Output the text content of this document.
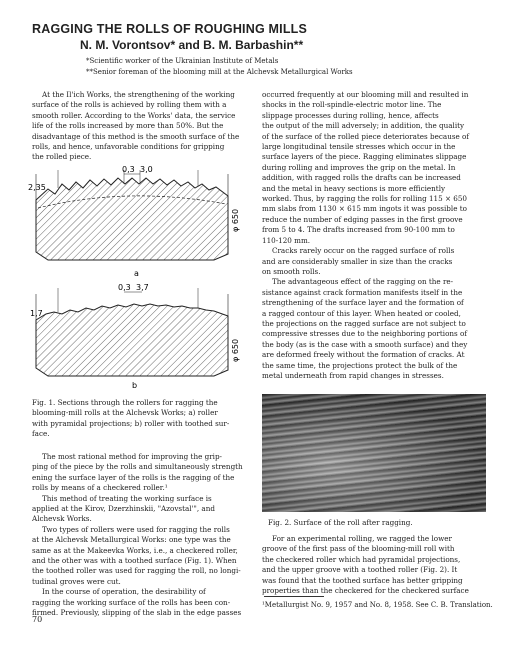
RAGGING THE ROLLS OF ROUGHING MILLS
N. M. Vorontsov* and B. M. Barbashin**
*Scientific worker of the Ukrainian Institute of Metals
**Senior foreman of the blooming mill at the Alchevsk Metallurgical Works
At the Il'ich Works, the strengthening of the working
surface of the rolls is achieved by rolling them with a
smooth roller. According to the Works' data, the service
life of the rolls increased by more than 50%. But the
disadvantage of this method is the smooth surface of the
rolls, and hence, unfavorable conditions for gripping
the rolled piece.
0,3 3,0
2,35
φ 650
a
0,3 3,7
1,7
φ 650
b
Fig. 1. Sections through the rollers for ragging the
blooming-mill rolls at the Alchevsk Works; a) roller
with pyramidal projections; b) roller with toothed sur-
face.
The most rational method for improving the grip-
ping of the piece by the rolls and simultaneously strength
ening the surface layer of the rolls is the ragging of the
rolls by means of a checkered roller.¹
This method of treating the working surface is
applied at the Kirov, Dzerzhinskii, "Azovstal'", and
Alchevsk Works.
Two types of rollers were used for ragging the rolls
at the Alchevsk Metallurgical Works: one type was the
same as at the Makeevka Works, i.e., a checkered roller,
and the other was with a toothed surface (Fig. 1). When
the toothed roller was used for ragging the roll, no longi-
tudinal groves were cut.
In the course of operation, the desirability of
ragging the working surface of the rolls has been con-
firmed. Previously, slipping of the slab in the edge passes
70
occurred frequently at our blooming mill and resulted in
shocks in the roll-spindle-electric motor line. The
slippage processes during rolling, hence, affects
the output of the mill adversely; in addition, the quality
of the surface of the rolled piece deteriorates because of
large longitudinal tensile stresses which occur in the
surface layers of the piece. Ragging eliminates slippage
during rolling and improves the grip on the metal. In
addition, with ragged rolls the drafts can be increased
and the metal in heavy sections is more efficiently
worked. Thus, by ragging the rolls for rolling 115 × 650
mm slabs from 1130 × 615 mm ingots it was possible to
reduce the number of edging passes in the first groove
from 5 to 4. The drafts increased from 90-100 mm to
110-120 mm.
Cracks rarely occur on the ragged surface of rolls
and are considerably smaller in size than the cracks
on smooth rolls.
The advantageous effect of the ragging on the re-
sistance against crack formation manifests itself in the
strengthening of the surface layer and the formation of
a ragged contour of this layer. When heated or cooled,
the projections on the ragged surface are not subject to
compressive stresses due to the neighboring portions of
the body (as is the case with a smooth surface) and they
are deformed freely without the formation of cracks. At
the same time, the projections protect the bulk of the
metal underneath from rapid changes in stresses.
Fig. 2. Surface of the roll after ragging.
For an experimental rolling, we ragged the lower
groove of the first pass of the blooming-mill roll with
the checkered roller which had pyramidal projections,
and the upper groove with a toothed roller (Fig. 2). It
was found that the toothed surface has better gripping
properties than the checkered for the checkered surface
¹Metallurgist No. 9, 1957 and No. 8, 1958. See C. B. Translation.
